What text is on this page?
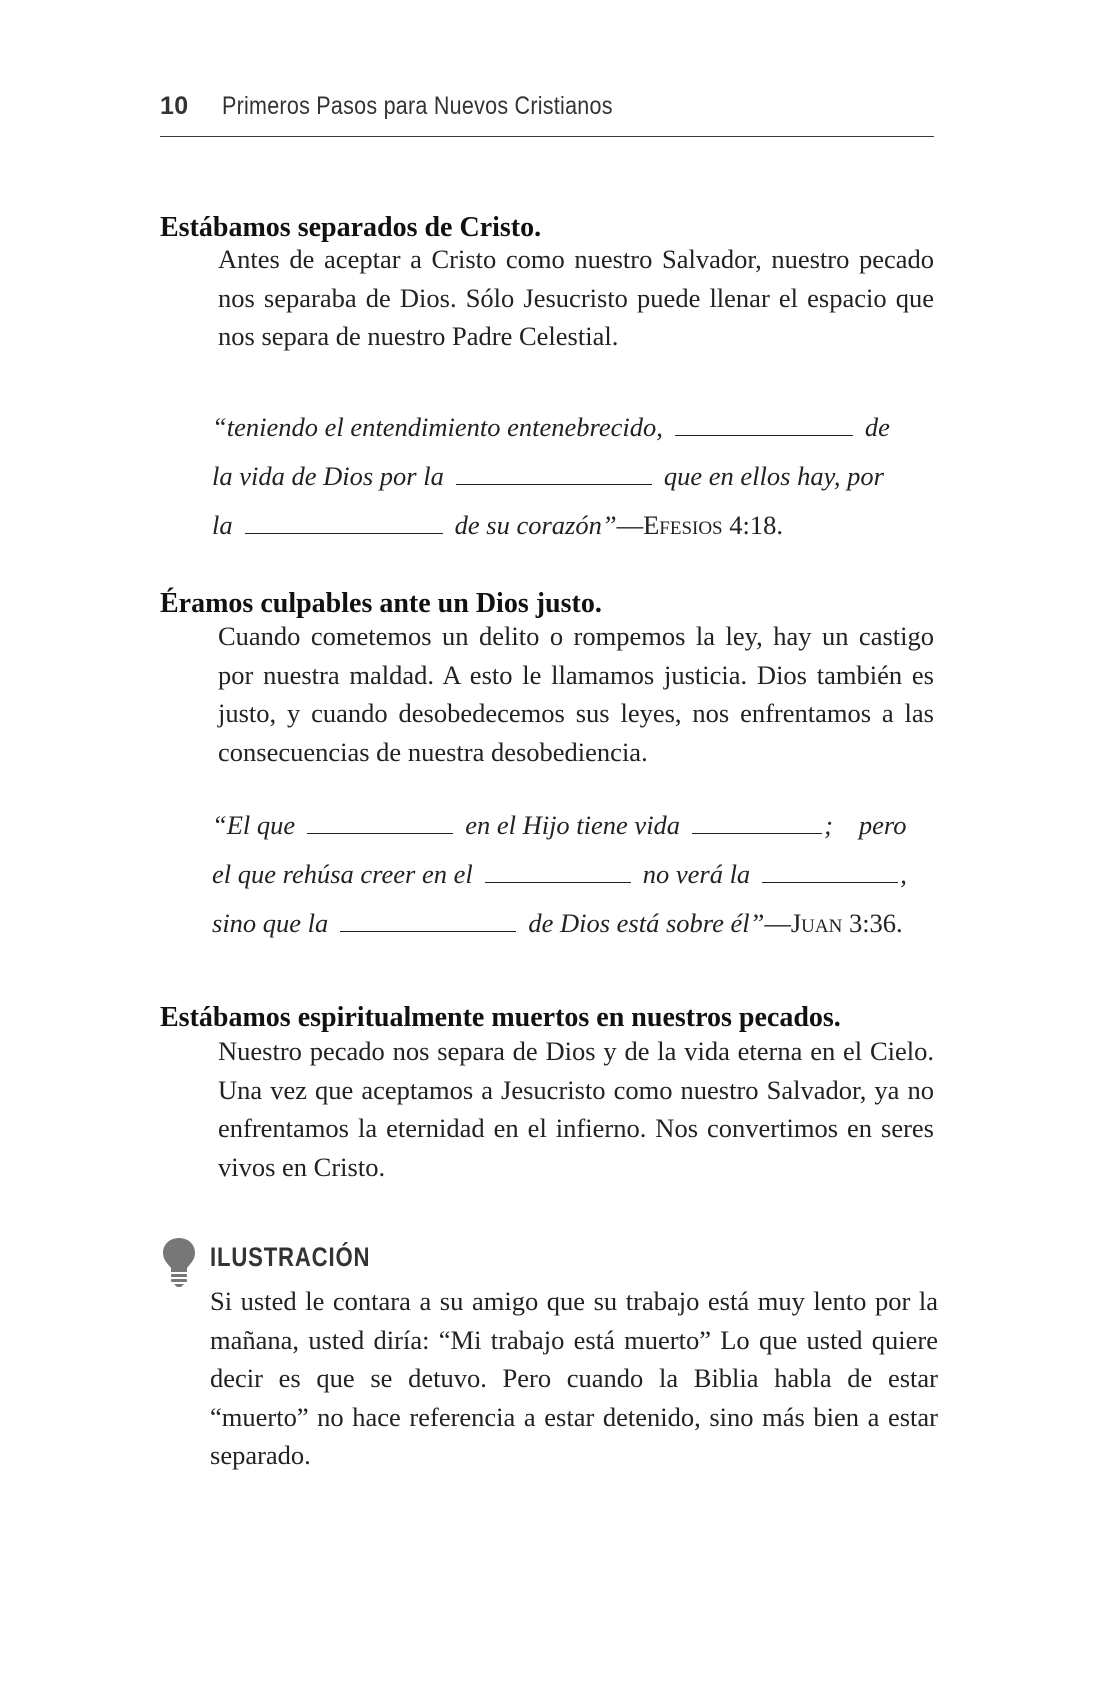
10 Primeros Pasos para Nuevos Cristianos
Estábamos separados de Cristo.
Antes de aceptar a Cristo como nuestro Salvador, nuestro pecado nos separaba de Dios. Sólo Jesucristo puede llenar el espacio que nos separa de nuestro Padre Celestial.
“teniendo el entendimiento entenebrecido,	de
la vida de Dios por la	que en ellos hay, por
la	de su corazón”—Efesios 4:18.
Éramos culpables ante un Dios justo.
Cuando cometemos un delito o rompemos la ley, hay un castigo por nuestra maldad. A esto le llamamos justicia. Dios también es justo, y cuando desobedecemos sus leyes, nos enfrentamos a las consecuencias de nuestra desobediencia.
“El que	en el Hijo tiene vida	; pero
el que rehúsa creer en el	no verá la	,
sino que la	de Dios está sobre él”—Juan 3:36.
Estábamos espiritualmente muertos en nuestros pecados.
Nuestro pecado nos separa de Dios y de la vida eterna en el Cielo. Una vez que aceptamos a Jesucristo como nuestro Salvador, ya no enfrentamos la eternidad en el infierno. Nos convertimos en seres vivos en Cristo.
ILUSTRACIÓN
Si usted le contara a su amigo que su trabajo está muy lento por la mañana, usted diría: “Mi trabajo está muerto” Lo que usted quiere decir es que se detuvo. Pero cuando la Biblia habla de estar “muerto” no hace referencia a estar detenido, sino más bien a estar separado.
